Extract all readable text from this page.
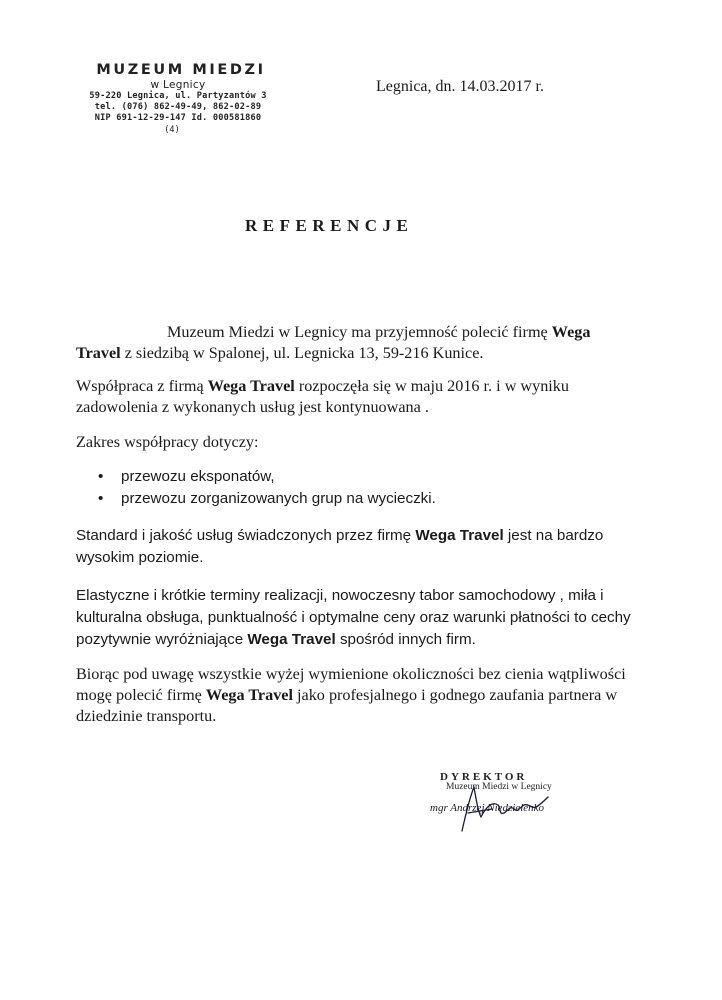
MUZEUM MIEDZI
w Legnicy
59-220 Legnica, ul. Partyzantów 3
tel. (076) 862-49-49, 862-02-89
NIP 691-12-29-147 Id. 000581860
(4)
Legnica, dn. 14.03.2017 r.
REFERENCJE

Muzeum Miedzi w Legnicy ma przyjemność polecić firmę Wega Travel z siedzibą w Spalonej, ul. Legnicka 13, 59-216 Kunice.

Współpraca z firmą Wega Travel rozpoczęła się w maju 2016 r. i w wyniku zadowolenia z wykonanych usług jest kontynuowana .

Zakres współpracy dotyczy:

• przewozu eksponatów,
• przewozu zorganizowanych grup na wycieczki.

Standard i jakość usług świadczonych przez firmę Wega Travel jest na bardzo wysokim poziomie.

Elastyczne i krótkie terminy realizacji, nowoczesny tabor samochodowy , miła i kulturalna obsługa, punktualność i optymalne ceny oraz warunki płatności to cechy pozytywnie wyróżniające Wega Travel spośród innych firm.

Biorąc pod uwagę wszystkie wyżej wymienione okoliczności bez cienia wątpliwości mogę polecić firmę Wega Travel jako profesjalnego i godnego zaufania partnera w dziedzinie transportu.

DYREKTOR
Muzeum Miedzi w Legnicy
mgr Andrzej Niedzielenko
